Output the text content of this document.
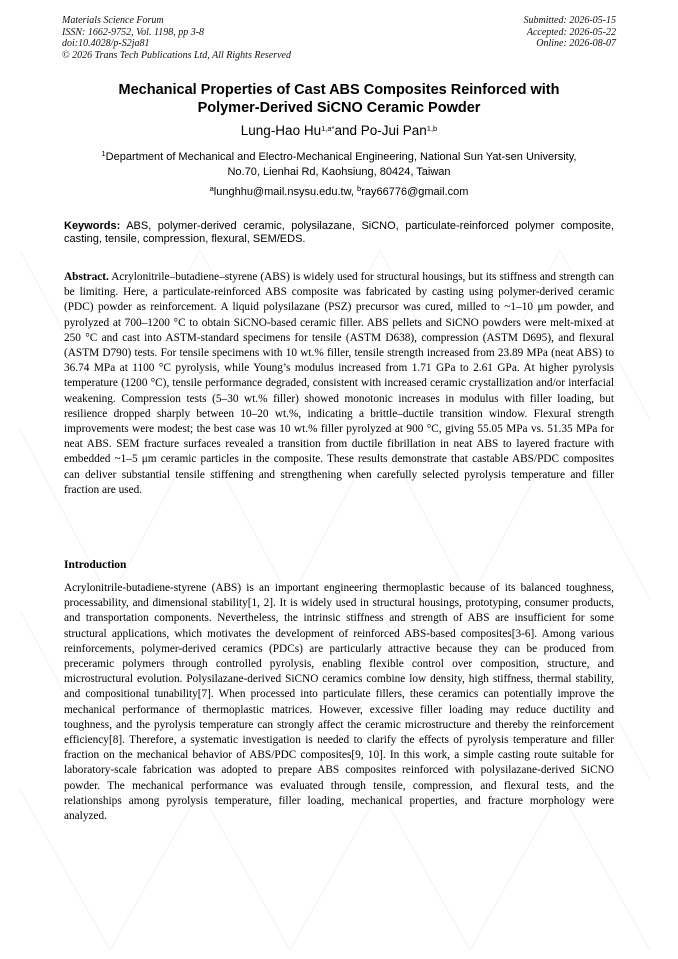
Materials Science Forum
ISSN: 1662-9752, Vol. 1198, pp 3-8
doi:10.4028/p-S2ja81
© 2026 Trans Tech Publications Ltd, All Rights Reserved
Submitted: 2026-05-15
Accepted: 2026-05-22
Online: 2026-08-07
Mechanical Properties of Cast ABS Composites Reinforced with
Polymer-Derived SiCNO Ceramic Powder
Lung-Hao $Hu^{1,a*}and$ Po-Jui Pan$^{1,b}$
$^1$Department of Mechanical and Electro-Mechanical Engineering, National Sun Yat-sen University,
No.70, Lienhai Rd, Kaohsiung, 80424, Taiwan
$^a$lunghhu@mail.nsysu.edu.tw, $^b$ray66776@gmail.com
Keywords: ABS, polymer-derived ceramic, polysilazane, SiCNO, particulate-reinforced polymer composite, casting, tensile, compression, flexural, SEM/EDS.
Abstract. Acrylonitrile–butadiene–styrene (ABS) is widely used for structural housings, but its stiffness and strength can be limiting. Here, a particulate-reinforced ABS composite was fabricated by casting using polymer-derived ceramic (PDC) powder as reinforcement. A liquid polysilazane (PSZ) precursor was cured, milled to ~1–10 μm powder, and pyrolyzed at 700–1200 °C to obtain SiCNO-based ceramic filler. ABS pellets and SiCNO powders were melt-mixed at 250 °C and cast into ASTM-standard specimens for tensile (ASTM D638), compression (ASTM D695), and flexural (ASTM D790) tests. For tensile specimens with 10 wt.% filler, tensile strength increased from 23.89 MPa (neat ABS) to 36.74 MPa at 1100 °C pyrolysis, while Young’s modulus increased from 1.71 GPa to 2.61 GPa. At higher pyrolysis temperature (1200 °C), tensile performance degraded, consistent with increased ceramic crystallization and/or interfacial weakening. Compression tests (5–30 wt.% filler) showed monotonic increases in modulus with filler loading, but resilience dropped sharply between 10–20 wt.%, indicating a brittle–ductile transition window. Flexural strength improvements were modest; the best case was 10 wt.% filler pyrolyzed at 900 °C, giving 55.05 MPa vs. 51.35 MPa for neat ABS. SEM fracture surfaces revealed a transition from ductile fibrillation in neat ABS to layered fracture with embedded ~1–5 μm ceramic particles in the composite. These results demonstrate that castable ABS/PDC composites can deliver substantial tensile stiffening and strengthening when carefully selected pyrolysis temperature and filler fraction are used.
Introduction
Acrylonitrile-butadiene-styrene (ABS) is an important engineering thermoplastic because of its balanced toughness, processability, and dimensional stability[1, 2]. It is widely used in structural housings, prototyping, consumer products, and transportation components. Nevertheless, the intrinsic stiffness and strength of ABS are insufficient for some structural applications, which motivates the development of reinforced ABS-based composites[3-6]. Among various reinforcements, polymer-derived ceramics (PDCs) are particularly attractive because they can be produced from preceramic polymers through controlled pyrolysis, enabling flexible control over composition, structure, and microstructural evolution. Polysilazane-derived SiCNO ceramics combine low density, high stiffness, thermal stability, and compositional tunability[7]. When processed into particulate fillers, these ceramics can potentially improve the mechanical performance of thermoplastic matrices. However, excessive filler loading may reduce ductility and toughness, and the pyrolysis temperature can strongly affect the ceramic microstructure and thereby the reinforcement efficiency[8]. Therefore, a systematic investigation is needed to clarify the effects of pyrolysis temperature and filler fraction on the mechanical behavior of ABS/PDC composites[9, 10]. In this work, a simple casting route suitable for laboratory-scale fabrication was adopted to prepare ABS composites reinforced with polysilazane-derived SiCNO powder. The mechanical performance was evaluated through tensile, compression, and flexural tests, and the relationships among pyrolysis temperature, filler loading, mechanical properties, and fracture morphology were analyzed.
